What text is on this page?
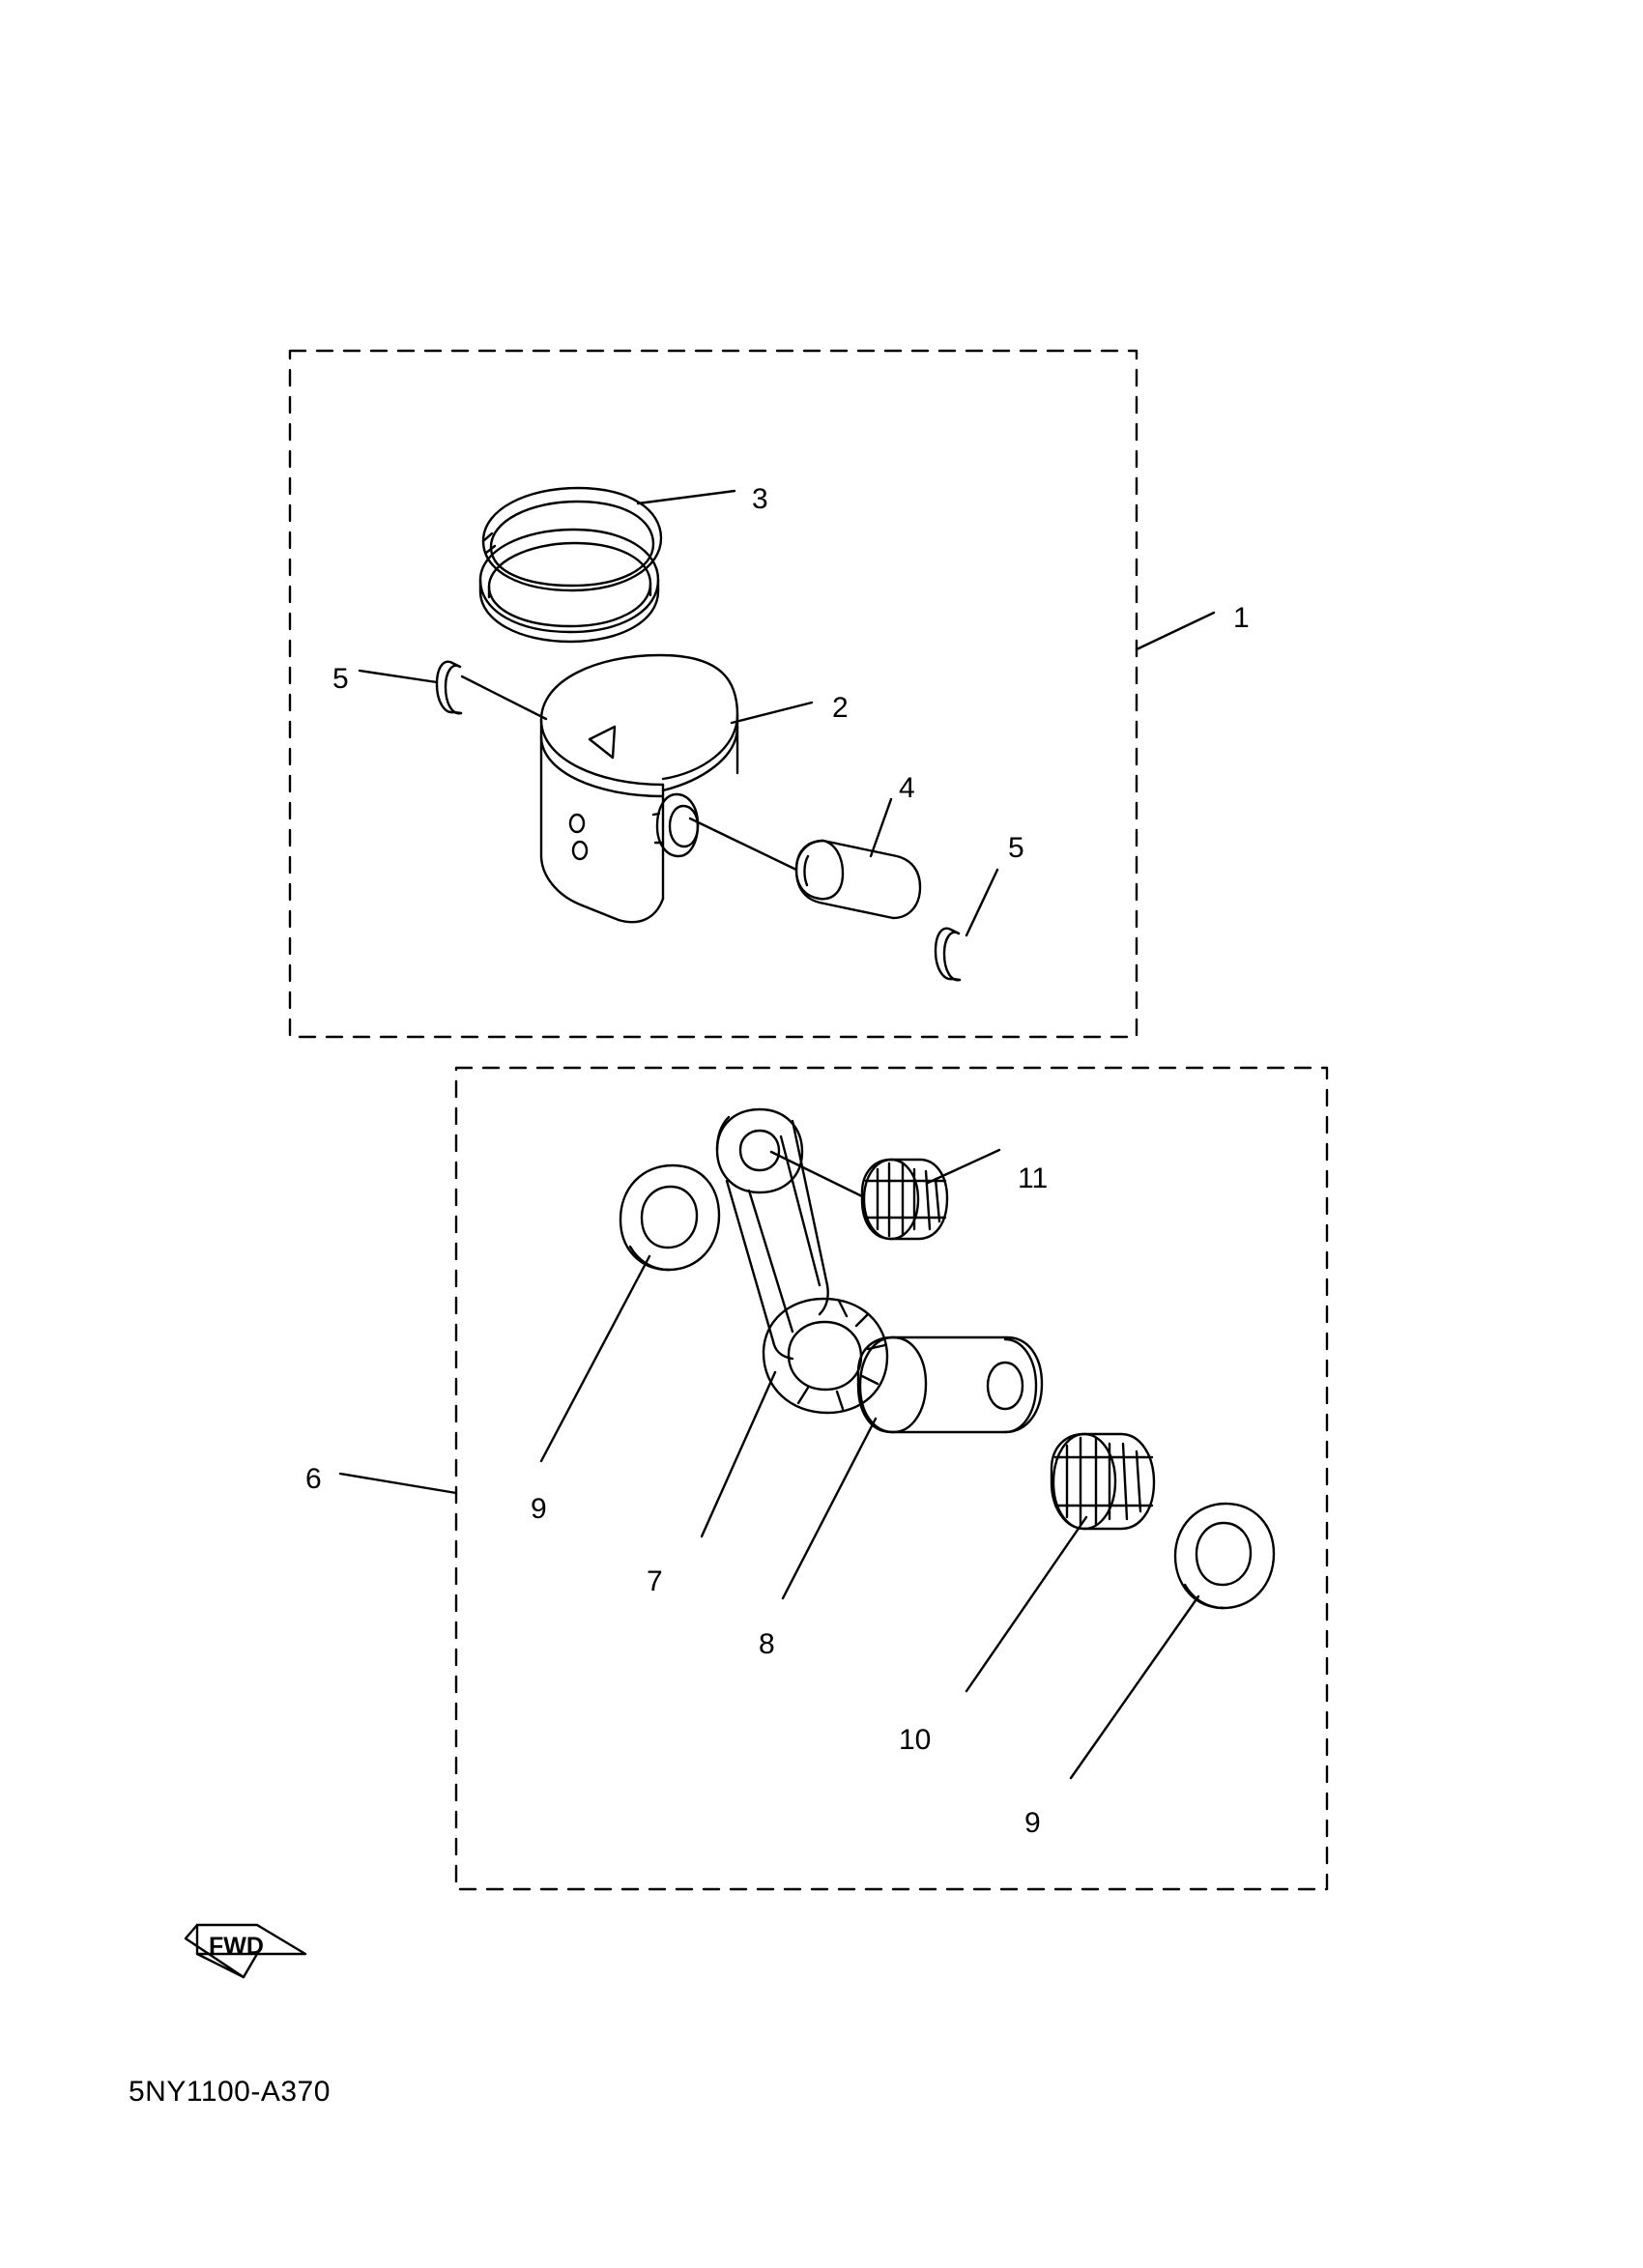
1
2
3
4
5
5
6
7
8
9
9
10
11
FWD
5NY1100-A370
